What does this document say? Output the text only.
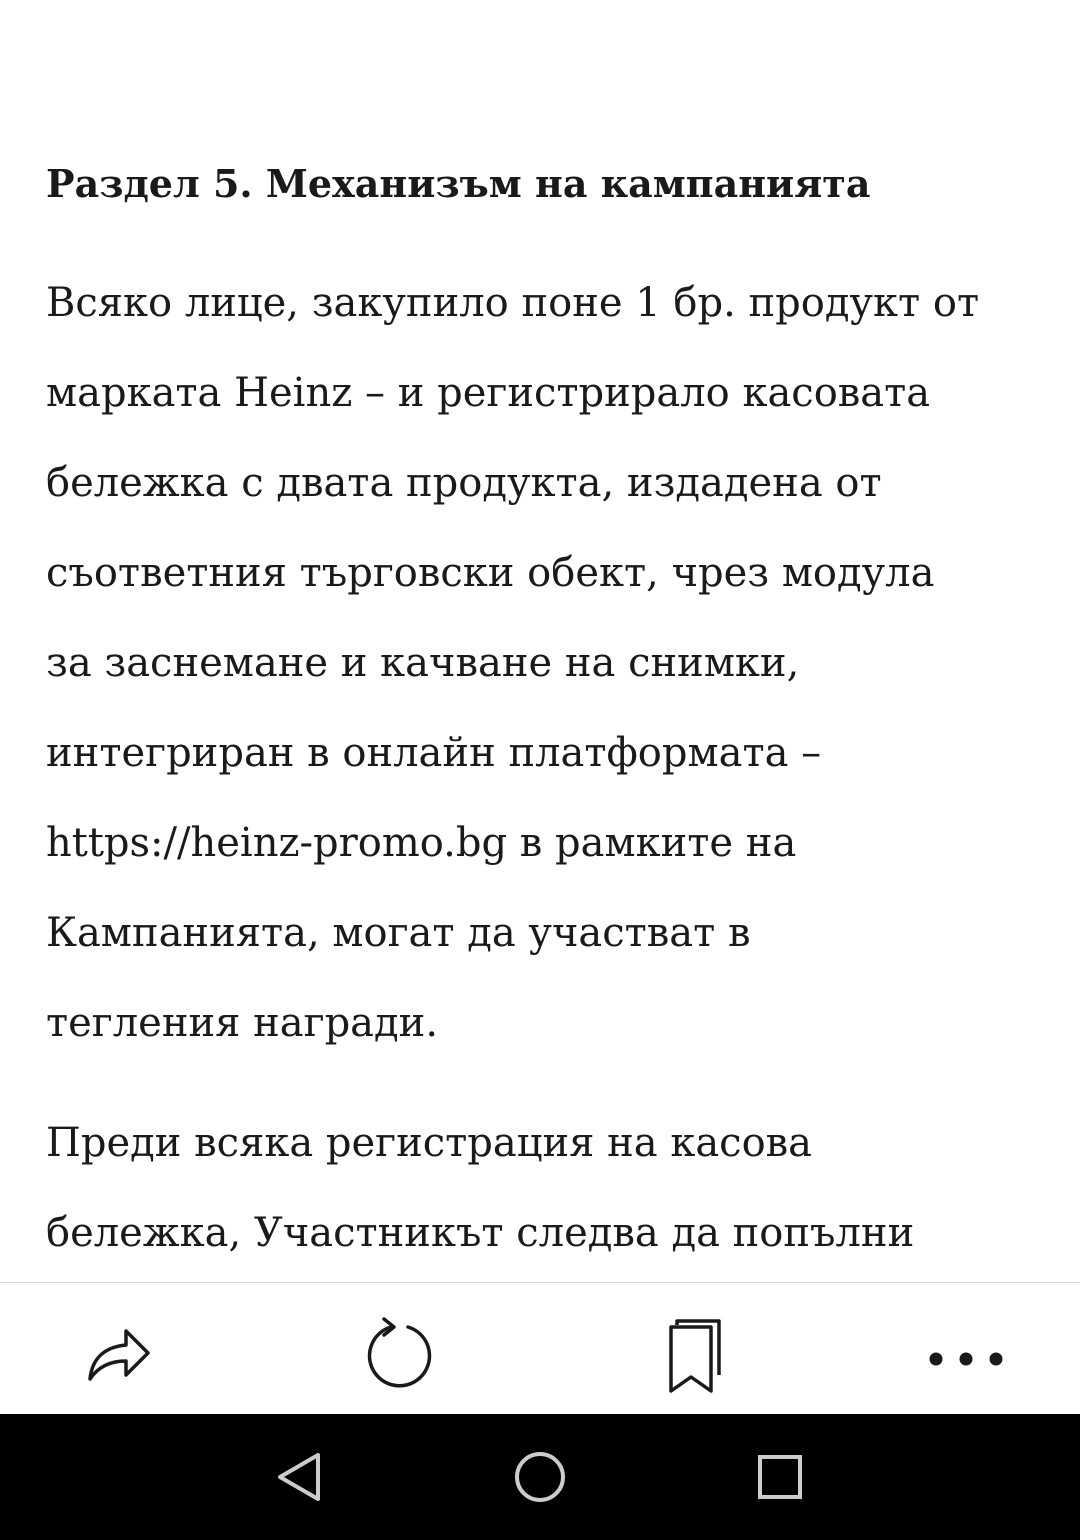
Раздел 5. Механизъм на кампанията

Всяко лице, закупило поне 1 бр. продукт от
марката Heinz – и регистрирало касовата
бележка с двата продукта, издадена от
съответния търговски обект, чрез модула
за заснемане и качване на снимки,
интегриран в онлайн платформата –
https://heinz-promo.bg в рамките на
Кампанията, могат да участват в
тегления награди.

Преди всяка регистрация на касова
бележка, Участникът следва да попълни
